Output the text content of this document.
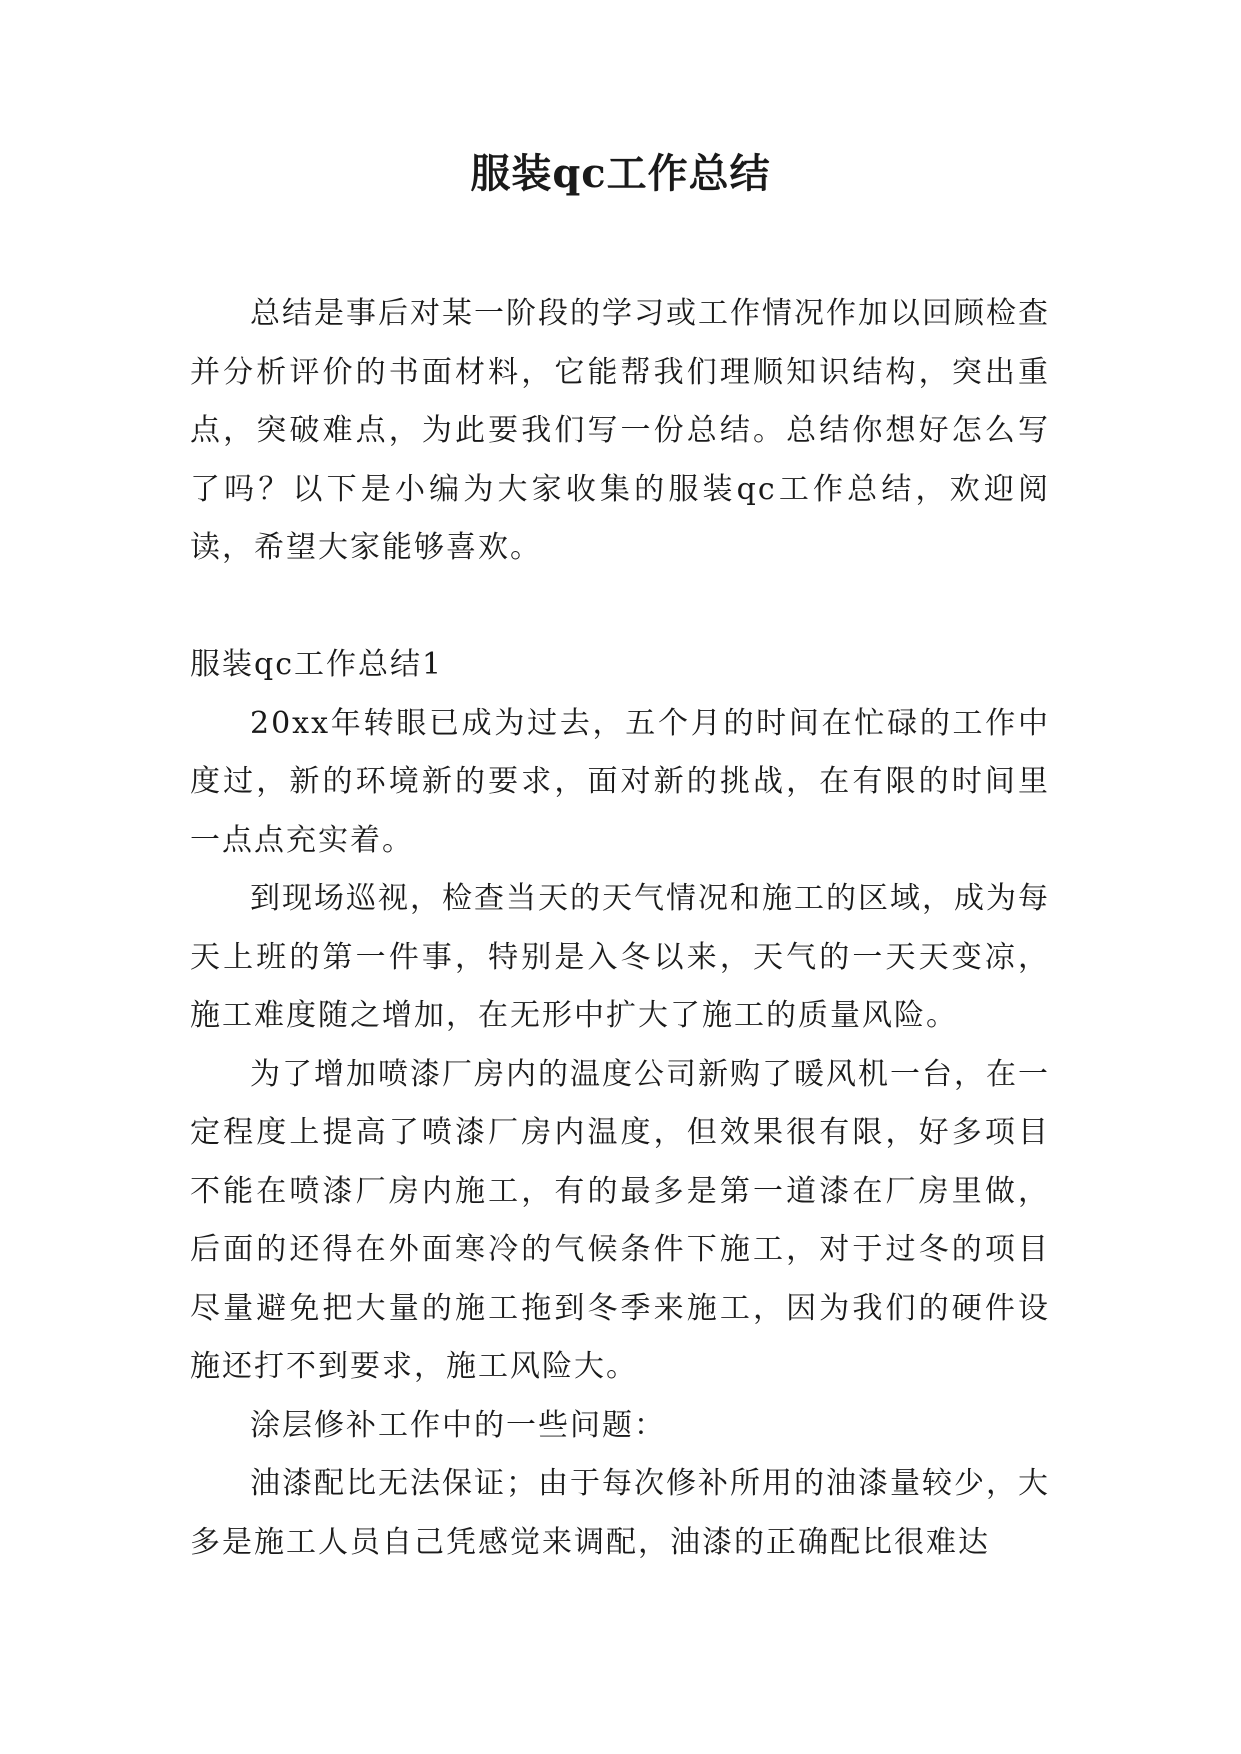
服装qc工作总结

总结是事后对某一阶段的学习或工作情况作加以回顾检查并分析评价的书面材料，它能帮我们理顺知识结构，突出重点，突破难点，为此要我们写一份总结。总结你想好怎么写了吗？以下是小编为大家收集的服装qc工作总结，欢迎阅读，希望大家能够喜欢。

服装qc工作总结1

20xx年转眼已成为过去，五个月的时间在忙碌的工作中度过，新的环境新的要求，面对新的挑战，在有限的时间里一点点充实着。

到现场巡视，检查当天的天气情况和施工的区域，成为每天上班的第一件事，特别是入冬以来，天气的一天天变凉，施工难度随之增加，在无形中扩大了施工的质量风险。

为了增加喷漆厂房内的温度公司新购了暖风机一台，在一定程度上提高了喷漆厂房内温度，但效果很有限，好多项目不能在喷漆厂房内施工，有的最多是第一道漆在厂房里做，后面的还得在外面寒冷的气候条件下施工，对于过冬的项目尽量避免把大量的施工拖到冬季来施工，因为我们的硬件设施还打不到要求，施工风险大。

涂层修补工作中的一些问题：

油漆配比无法保证；由于每次修补所用的油漆量较少，大多是施工人员自己凭感觉来调配，油漆的正确配比很难达
